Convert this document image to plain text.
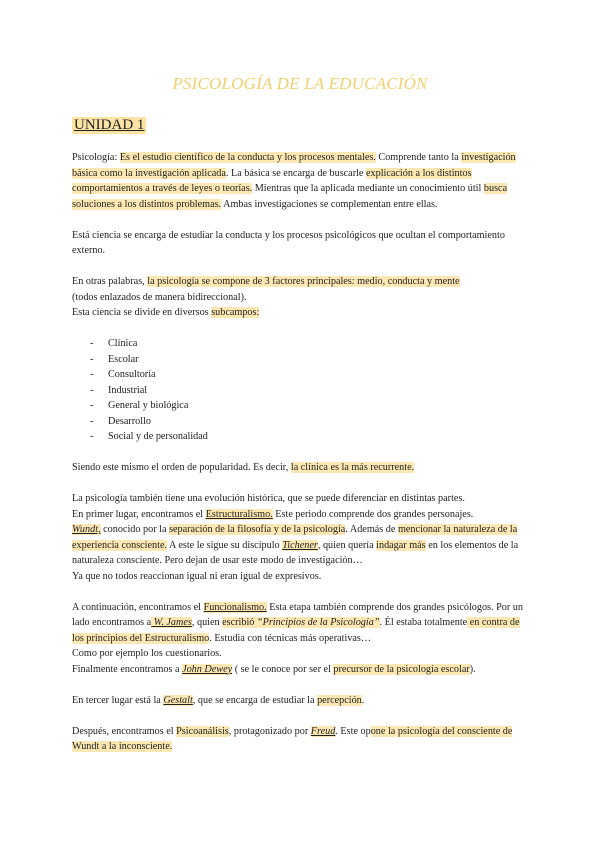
PSICOLOGÍA DE LA EDUCACIÓN
UNIDAD 1

Psicología: Es el estudio científico de la conducta y los procesos mentales. Comprende tanto la investigación básica como la investigación aplicada. La básica se encarga de buscarle explicación a los distintos comportamientos a través de leyes o teorías. Mientras que la aplicada mediante un conocimiento útil busca soluciones a los distintos problemas. Ambas investigaciones se complementan entre ellas.

Está ciencia se encarga de estudiar la conducta y los procesos psicológicos que ocultan el comportamiento externo.

En otras palabras, la psicología se compone de 3 factores principales: medio, conducta y mente
(todos enlazados de manera bidireccional).
Esta ciencia se divide en diversos subcampos:

- Clínica
- Escolar
- Consultoría
- Industrial
- General y biológica
- Desarrollo
- Social y de personalidad

Siendo este mismo el orden de popularidad. Es decir, la clínica es la más recurrente.

La psicología también tiene una evolución histórica, que se puede diferenciar en distintas partes.
En primer lugar, encontramos el Estructuralismo. Este periodo comprende dos grandes personajes.
Wundt, conocido por la separación de la filosofía y de la psicología. Además de mencionar la naturaleza de la experiencia consciente. A este le sigue su discípulo Tichener, quien quería indagar más en los elementos de la naturaleza consciente. Pero dejan de usar este modo de investigación…
Ya que no todos reaccionan igual ni eran igual de expresivos.

A continuación, encontramos el Funcionalismo. Esta etapa también comprende dos grandes psicólogos. Por un lado encontramos a W. James, quien escribió “Principios de la Psicología”. Él estaba totalmente en contra de los principios del Estructuralismo. Estudia con técnicas más operativas…
Como por ejemplo los cuestionarios.
Finalmente encontramos a John Dewey ( se le conoce por ser el precursor de la psicología escolar).

En tercer lugar está la Gestalt, que se encarga de estudiar la percepción.

Después, encontramos el Psicoanálisis, protagonizado por Freud. Este opone la psicología del consciente de Wundt a la inconsciente.
